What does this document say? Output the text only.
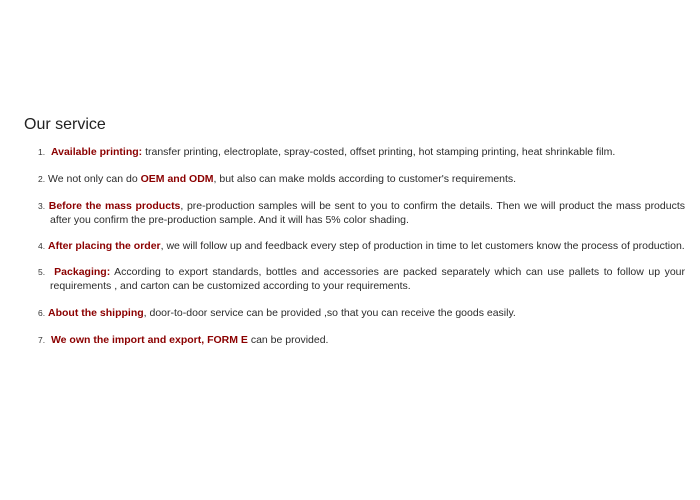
Our service
1. Available printing: transfer printing, electroplate, spray-costed, offset printing, hot stamping printing, heat shrinkable film.
2. We not only can do OEM and ODM, but also can make molds according to customer's requirements.
3. Before the mass products, pre-production samples will be sent to you to confirm the details. Then we will product the mass products
after you confirm the pre-production sample. And it will has 5% color shading.
4. After placing the order, we will follow up and feedback every step of production in time to let customers know the process of production.
5. Packaging: According to export standards, bottles and accessories are packed separately which can use pallets to follow up your
requirements , and carton can be customized according to your requirements.
6. About the shipping, door-to-door service can be provided ,so that you can receive the goods easily.
7. We own the import and export, FORM E can be provided.
